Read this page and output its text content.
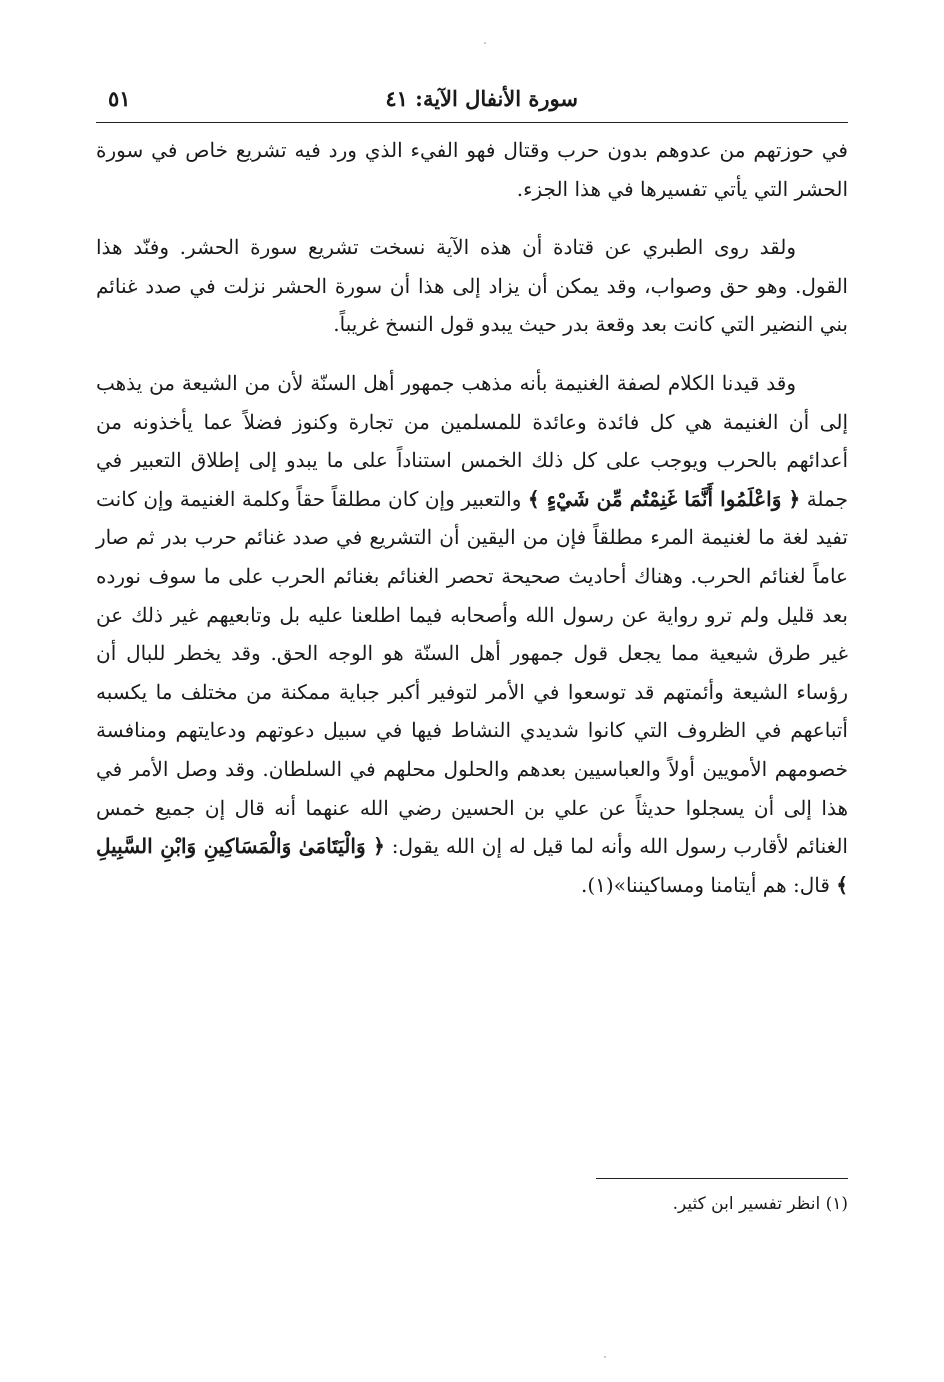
سورة الأنفال الآية: ٤١
٥١

في حوزتهم من عدوهم بدون حرب وقتال فهو الفيء الذي ورد فيه تشريع خاص في سورة الحشر التي يأتي تفسيرها في هذا الجزء.

ولقد روى الطبري عن قتادة أن هذه الآية نسخت تشريع سورة الحشر. وفنّد هذا القول. وهو حق وصواب، وقد يمكن أن يزاد إلى هذا أن سورة الحشر نزلت في صدد غنائم بني النضير التي كانت بعد وقعة بدر حيث يبدو قول النسخ غريباً.

وقد قيدنا الكلام لصفة الغنيمة بأنه مذهب جمهور أهل السنّة لأن من الشيعة من يذهب إلى أن الغنيمة هي كل فائدة وعائدة للمسلمين من تجارة وكنوز فضلاً عما يأخذونه من أعدائهم بالحرب ويوجب على كل ذلك الخمس استناداً على ما يبدو إلى إطلاق التعبير في جملة ﴿ وَاعْلَمُوا أَنَّمَا غَنِمْتُم مِّن شَيْءٍ ﴾ والتعبير وإن كان مطلقاً حقاً وكلمة الغنيمة وإن كانت تفيد لغة ما لغنيمة المرء مطلقاً فإن من اليقين أن التشريع في صدد غنائم حرب بدر ثم صار عاماً لغنائم الحرب. وهناك أحاديث صحيحة تحصر الغنائم بغنائم الحرب على ما سوف نورده بعد قليل ولم ترو رواية عن رسول الله وأصحابه فيما اطلعنا عليه بل وتابعيهم غير ذلك عن غير طرق شيعية مما يجعل قول جمهور أهل السنّة هو الوجه الحق. وقد يخطر للبال أن رؤساء الشيعة وأئمتهم قد توسعوا في الأمر لتوفير أكبر جباية ممكنة من مختلف ما يكسبه أتباعهم في الظروف التي كانوا شديدي النشاط فيها في سبيل دعوتهم ودعايتهم ومنافسة خصومهم الأمويين أولاً والعباسيين بعدهم والحلول محلهم في السلطان. وقد وصل الأمر في هذا إلى أن يسجلوا حديثاً عن علي بن الحسين رضي الله عنهما أنه قال إن جميع خمس الغنائم لأقارب رسول الله وأنه لما قيل له إن الله يقول: ﴿ وَالْيَتَامَىٰ وَالْمَسَاكِينِ وَابْنِ السَّبِيلِ ﴾ قال: هم أيتامنا ومساكيننا»(١).

(١) انظر تفسير ابن كثير.
